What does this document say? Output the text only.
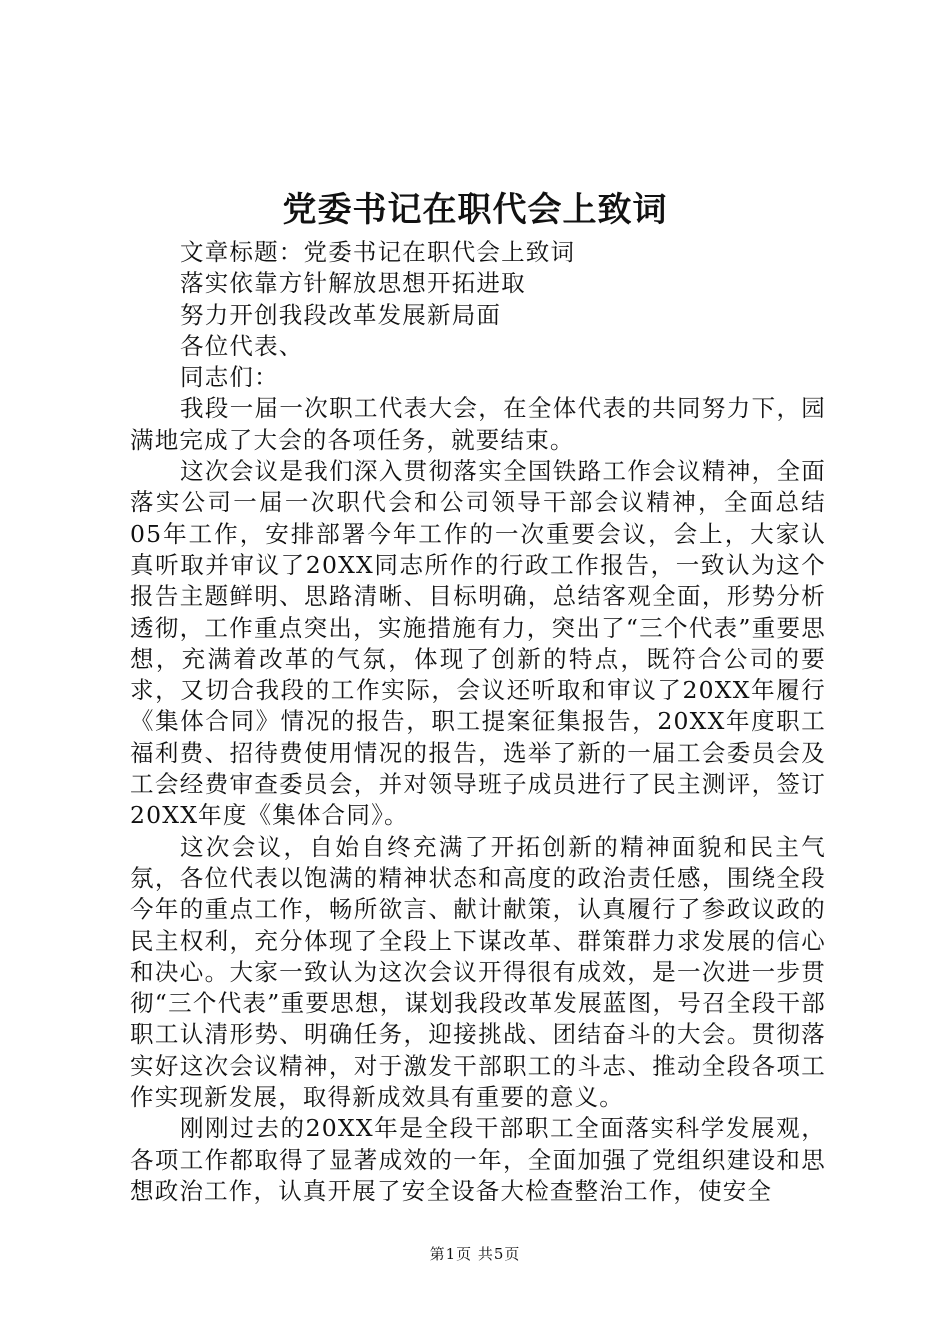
党委书记在职代会上致词

文章标题：党委书记在职代会上致词

落实依靠方针解放思想开拓进取

努力开创我段改革发展新局面

各位代表、

同志们：

我段一届一次职工代表大会，在全体代表的共同努力下，园满地完成了大会的各项任务，就要结束。

这次会议是我们深入贯彻落实全国铁路工作会议精神，全面落实公司一届一次职代会和公司领导干部会议精神，全面总结05年工作，安排部署今年工作的一次重要会议，会上，大家认真听取并审议了20XX同志所作的行政工作报告，一致认为这个报告主题鲜明、思路清晰、目标明确，总结客观全面，形势分析透彻，工作重点突出，实施措施有力，突出了“三个代表”重要思想，充满着改革的气氛，体现了创新的特点，既符合公司的要求，又切合我段的工作实际，会议还听取和审议了20XX年履行《集体合同》情况的报告，职工提案征集报告，20XX年度职工福利费、招待费使用情况的报告，选举了新的一届工会委员会及工会经费审查委员会，并对领导班子成员进行了民主测评，签订20XX年度《集体合同》。

这次会议，自始自终充满了开拓创新的精神面貌和民主气氛，各位代表以饱满的精神状态和高度的政治责任感，围绕全段今年的重点工作，畅所欲言、献计献策，认真履行了参政议政的民主权利，充分体现了全段上下谋改革、群策群力求发展的信心和决心。大家一致认为这次会议开得很有成效，是一次进一步贯彻“三个代表”重要思想，谋划我段改革发展蓝图，号召全段干部职工认清形势、明确任务，迎接挑战、团结奋斗的大会。贯彻落实好这次会议精神，对于激发干部职工的斗志、推动全段各项工作实现新发展，取得新成效具有重要的意义。

刚刚过去的20XX年是全段干部职工全面落实科学发展观，各项工作都取得了显著成效的一年，全面加强了党组织建设和思想政治工作，认真开展了安全设备大检查整治工作，使安全

第1页 共5页
